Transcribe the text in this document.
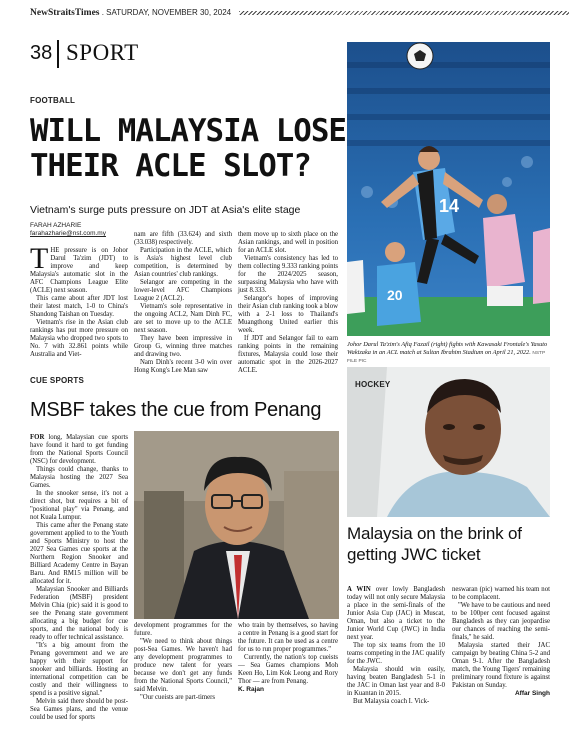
NewStraitsTimes . SATURDAY, NOVEMBER 30, 2024
38 SPORT
FOOTBALL
WILL MALAYSIA LOSE
THEIR ACLE SLOT?
Vietnam's surge puts pressure on JDT at Asia's elite stage
FARAH AZHARIE
farahazharie@nst.com.my
T HE pressure is on Johor Darul Ta'zim (JDT) to improve and keep Malaysia's automatic slot in the AFC Champions League Elite (ACLE) next season.

This came about after JDT lost their latest match, 1-0 to China's Shandong Taishan on Tuesday.

Vietnam's rise in the Asian club rankings has put more pressure on Malaysia who dropped two spots to No. 7 with 32.861 points while Australia and Viet-

nam are fifth (33.624) and sixth (33.038) respectively.

Participation in the ACLE, which is Asia's highest level club competition, is determined by Asian countries' club rankings.

Selangor are competing in the lower-level AFC Champions League 2 (ACL2).

Vietnam's sole representative in the ongoing ACL2, Nam Dinh FC, are set to move up to the ACLE next season.

They have been impressive in Group G, winning three matches and drawing two.

Nam Dinh's recent 3-0 win over Hong Kong's Lee Man saw

them move up to sixth place on the Asian rankings, and well in position for an ACLE slot.

Vietnam's consistency has led to them collecting 9.333 ranking points for the 2024/2025 season, surpassing Malaysia who have with just 8.333.

Selangor's hopes of improving their Asian club ranking took a blow with a 2-1 loss to Thailand's Muangthong United earlier this week.

If JDT and Selangor fail to earn ranking points in the remaining fixtures, Malaysia could lose their automatic spot in the 2026-2027 ACLE.

14
20
Johor Darul Ta'zim's Afiq Fazail (right) fights with Kawasaki Frontale's Yasuto Wakizaka in an ACL match at Sultan Ibrahim Stadium on April 21, 2022. NSTP FILE PIC
CUE SPORTS
MSBF takes the cue from Penang

FOR long, Malaysian cue sports have found it hard to get funding from the National Sports Council (NSC) for development.

Things could change, thanks to Malaysia hosting the 2027 Sea Games.

In the snooker sense, it's not a direct shot, but requires a bit of "positional play" via Penang, and not Kuala Lumpur.

This came after the Penang state government applied to to the Youth and Sports Ministry to host the 2027 Sea Games cue sports at the Northern Region Snooker and Billiard Academy Centre in Bayan Baru. And RM15 million will be allocated for it.

Malaysian Snooker and Billiards Federation (MSBF) president Melvin Chia (pic) said it is good to see the Penang state government allocating a big budget for cue sports, and the national body is ready to offer technical assistance.

"It's a big amount from the Penang government and we are happy with their support for snooker and billiards. Hosting an international competition can be costly and their willingness to spend is a positive signal."

Melvin said there should be post-Sea Games plans, and the venue could be used for sports

development programmes for the future.

"We need to think about things post-Sea Games. We haven't had any development programmes to produce new talent for years because we don't get any funds from the National Sports Council," said Melvin.

"Our cueists are part-timers

who train by themselves, so having a centre in Penang is a good start for the future. It can be used as a centre for us to run proper programmes."

Currently, the nation's top cueists — Sea Games champions Moh Keen Ho, Lim Kok Leong and Rory Thor — are from Penang.

K. Rajan

HOCKEY
Malaysia on the brink of getting JWC ticket

A WIN over lowly Bangladesh today will not only secure Malaysia a place in the semi-finals of the Junior Asia Cup (JAC) in Muscat, Oman, but also a ticket to the Junior World Cup (JWC) in India next year.

The top six teams from the 10 teams competing in the JAC qualify for the JWC.

Malaysia should win easily, having beaten Bangladesh 5-1 in the JAC in Oman last year and 8-0 in Kuantan in 2015.

But Malaysia coach I. Vick-

neswaran (pic) warned his team not to be complacent.

"We have to be cautious and need to be 100per cent focused against Bangladesh as they can jeopardise our chances of reaching the semi-finals," he said.

Malaysia started their JAC campaign by beating China 5-2 and Oman 9-1. After the Bangladesh match, the Young Tigers' remaining preliminary round fixture is against Pakistan on Sunday.

Affar Singh
